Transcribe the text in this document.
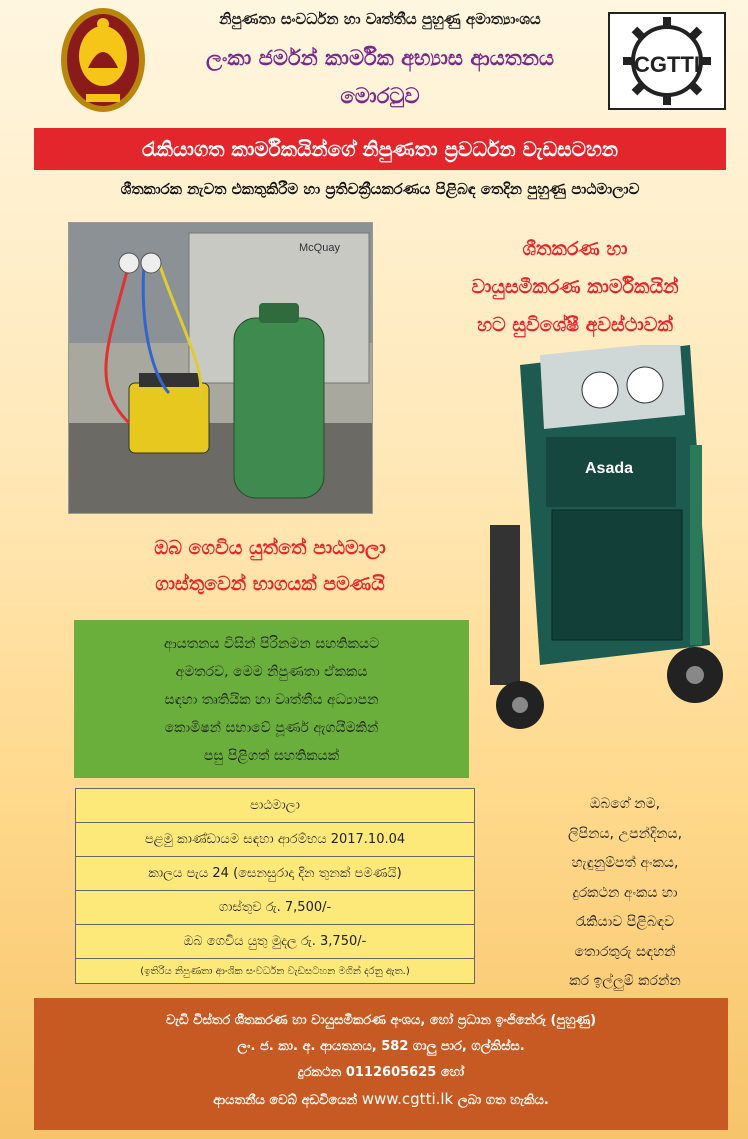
නිපුණතා සංවර්ධන හා වෘත්තීය පුහුණු අමාත්‍යාංශය
ලංකා ජර්මන් කාර්මික අභ්‍යාස ආයතනය
මොරටුව
CGTTI
රැකියාගත කාර්මිකයින්ගේ නිපුණතා ප්‍රවර්ධන වැඩසටහන
ශීතකාරක නැවත එකතුකිරීම හා ප්‍රතිචක්‍රීයකරණය පිළිබඳ තෙදින පුහුණු පාඨමාලාව
McQuay	ශීතකරණ හා
වායුසමීකරණ කාර්මිකයින්
හට සුවිශේෂී අවස්ථාවක්
Asada
ඔබ ගෙවිය යුත්තේ පාඨමාලා
ගාස්තුවෙන් භාගයක් පමණයි
ආයතනය විසින් පිරිනමන සහතිකයට
අමතරව, මෙම නිපුණතා ඒකකය
සඳහා තෘතියික හා වෘත්තීය අධ්‍යාපන
කොමිෂන් සභාවේ පූර්ණ ඇගයීමකින්
පසු පිළිගත් සහතිකයක්
පාඨමාලා
පළමු කාණ්ඩායම සඳහා ආරම්භය 2017.10.04
කාලය පැය 24 (සෙනසුරාදා දින තුනක් පමණයි)
ගාස්තුව රු. 7,500/-
ඔබ ගෙවිය යුතු මුදල රු. 3,750/-
(ඉතිරිය නිපුණතා ආංශික සංවර්ධන වැඩසටහන මගින් දරනු ඇත.)
ඔබගේ නම,
ලිපිනය, උපන්දිනය,
හැඳුනුම්පත් අංකය,
දුරකථන අංකය හා
රැකියාව පිළිබඳව
තොරතුරු සඳහන්
කර ඉල්ලුම් කරන්න
වැඩි විස්තර ශීතකරණ හා වායුසමීකරණ අංශය, හෝ ප්‍රධාන ඉංජිනේරු (පුහුණු)
ලං. ජ. කා. අ. ආයතනය, 582 ගාලු පාර, ගල්කිස්ස.
දුරකථන 0112605625 හෝ
ආයතනීය වෙබ් අඩවියෙන් www.cgtti.lk ලබා ගත හැකිය.
